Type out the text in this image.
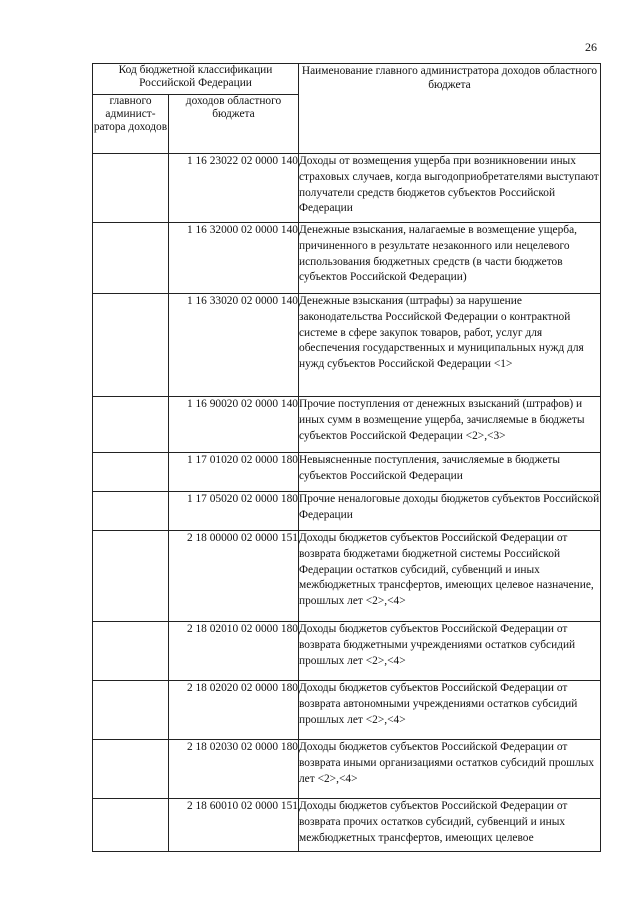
26
Код бюджетной классификации Российской Федерации		Наименование главного администратора доходов областного бюджета
главного админист-ратора доходов	доходов областного бюджета	
	1 16 23022 02 0000 140	Доходы от возмещения ущерба при возникновении иных страховых случаев, когда выгодоприобретателями выступают получатели средств бюджетов субъектов Российской Федерации
	1 16 32000 02 0000 140	Денежные взыскания, налагаемые в возмещение ущерба, причиненного в результате незаконного или нецелевого использования бюджетных средств (в части бюджетов субъектов Российской Федерации)
	1 16 33020 02 0000 140	Денежные взыскания (штрафы) за нарушение законодательства Российской Федерации о контрактной системе в сфере закупок товаров, работ, услуг для обеспечения государственных и муниципальных нужд для нужд субъектов Российской Федерации <1>
	1 16 90020 02 0000 140	Прочие поступления от денежных взысканий (штрафов) и иных сумм в возмещение ущерба, зачисляемые в бюджеты субъектов Российской Федерации <2>,<3>
	1 17 01020 02 0000 180	Невыясненные поступления, зачисляемые в бюджеты субъектов Российской Федерации
	1 17 05020 02 0000 180	Прочие неналоговые доходы бюджетов субъектов Российской Федерации
	2 18 00000 02 0000 151	Доходы бюджетов субъектов Российской Федерации от возврата бюджетами бюджетной системы Российской Федерации остатков субсидий, субвенций и иных межбюджетных трансфертов, имеющих целевое назначение, прошлых лет <2>,<4>
	2 18 02010 02 0000 180	Доходы бюджетов субъектов Российской Федерации от возврата бюджетными учреждениями остатков субсидий прошлых лет <2>,<4>
	2 18 02020 02 0000 180	Доходы бюджетов субъектов Российской Федерации от возврата автономными учреждениями остатков субсидий прошлых лет <2>,<4>
	2 18 02030 02 0000 180	Доходы бюджетов субъектов Российской Федерации от возврата иными организациями остатков субсидий прошлых лет <2>,<4>
	2 18 60010 02 0000 151	Доходы бюджетов субъектов Российской Федерации от возврата прочих остатков субсидий, субвенций и иных межбюджетных трансфертов, имеющих целевое
